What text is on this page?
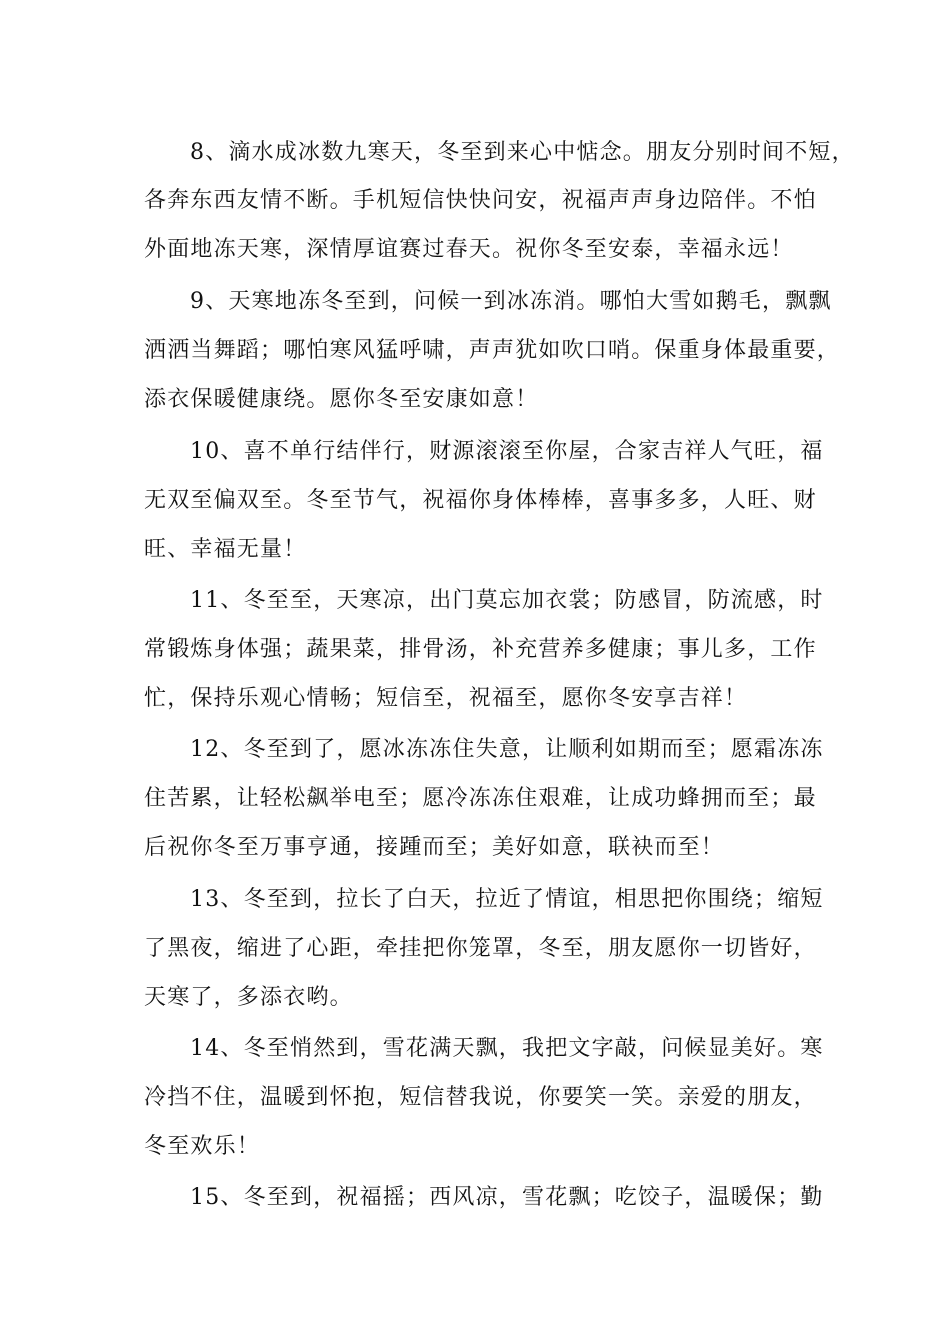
8、滴水成冰数九寒天，冬至到来心中惦念。朋友分别时间不短，
各奔东西友情不断。手机短信快快问安，祝福声声身边陪伴。不怕
外面地冻天寒，深情厚谊赛过春天。祝你冬至安泰，幸福永远！
9、天寒地冻冬至到，问候一到冰冻消。哪怕大雪如鹅毛，飘飘
洒洒当舞蹈；哪怕寒风猛呼啸，声声犹如吹口哨。保重身体最重要，
添衣保暖健康绕。愿你冬至安康如意！
10、喜不单行结伴行，财源滚滚至你屋，合家吉祥人气旺，福
无双至偏双至。冬至节气，祝福你身体棒棒，喜事多多，人旺、财
旺、幸福无量！
11、冬至至，天寒凉，出门莫忘加衣裳；防感冒，防流感，时
常锻炼身体强；蔬果菜，排骨汤，补充营养多健康；事儿多，工作
忙，保持乐观心情畅；短信至，祝福至，愿你冬安享吉祥！
12、冬至到了，愿冰冻冻住失意，让顺利如期而至；愿霜冻冻
住苦累，让轻松飙举电至；愿冷冻冻住艰难，让成功蜂拥而至；最
后祝你冬至万事亨通，接踵而至；美好如意，联袂而至！
13、冬至到，拉长了白天，拉近了情谊，相思把你围绕；缩短
了黑夜，缩进了心距，牵挂把你笼罩，冬至，朋友愿你一切皆好，
天寒了，多添衣哟。
14、冬至悄然到，雪花满天飘，我把文字敲，问候显美好。寒
冷挡不住，温暖到怀抱，短信替我说，你要笑一笑。亲爱的朋友，
冬至欢乐！
15、冬至到，祝福摇；西风凉，雪花飘；吃饺子，温暖保；勤
